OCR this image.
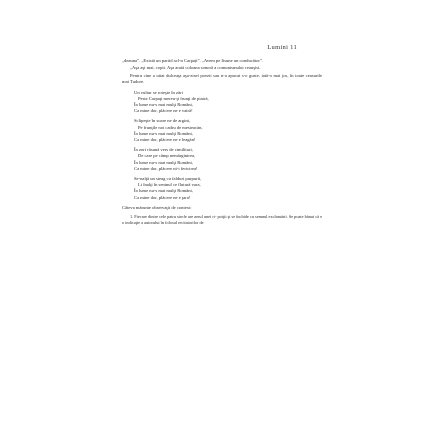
Lumini 11

„deauna”. „Există un partid acl-n Carpați”. „Avem pe Iisune un conducător”.

„Aşa aşi mai, copii. Aşa arată coloana sonoră a comunismului ceauşist.

Pentru cine a uitat dulceaţa aşa-zisei poezii sau n-a apucat s-o guste, iată-o mai jos, în toate ceasurile mai Tudore.

Un vultur se roteşte în zări
Peste Carpaţi mereu-ţi frunţi de piatră,
În lume nu-s mai mulţi Români,
Ca mine dor, plăcere ne e vatră!
Sclipeşte în soare ne de argint,
Pe frunţile noi cadru de mesteacăn,
În lume nu-s mai mulţi Români,
Ca mine dor, plăcere ne e leagăn!
În zori răsună vers de cimilituri,
De care pe câmp nemărginirea,
În lume nu-s mai mulţi Români,
Ca mine dor, plăcere ni-i fericirea!
Se-nalţă un steag cu falduri purpurii,
Li înalţi în seninul ce flutură vara,
În lume nu-s mai mulţi Români,
Ca mine dor, plăcere ne e ţara!

Câteva mărunte observaţii de context:

1. Fiecare dintre cele patru strofe are aerul unei ri- poiţii şi se închide cu semnul exclamării. Se poate bănui că e o indicaţie a autorului în folosul recitatorilor de
